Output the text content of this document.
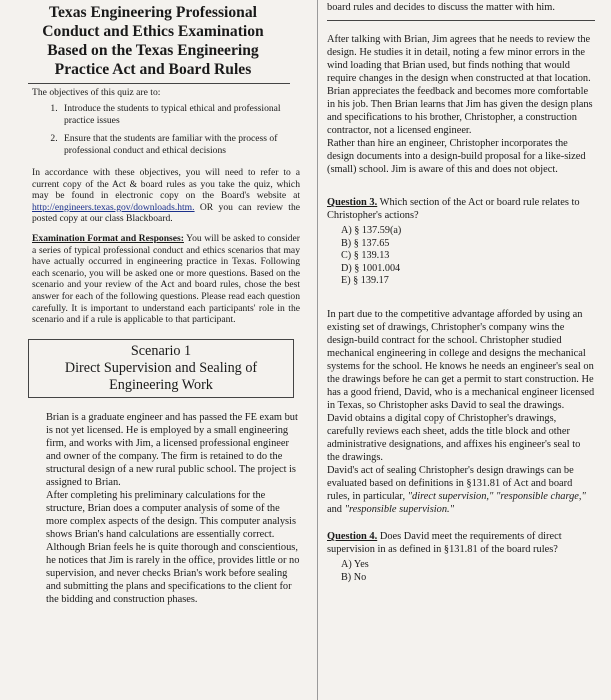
Texas Engineering Professional
Conduct and Ethics Examination
Based on the Texas Engineering
Practice Act and Board Rules
The objectives of this quiz are to:
1. Introduce the students to typical ethical and professional practice issues
2. Ensure that the students are familiar with the process of professional conduct and ethical decisions
In accordance with these objectives, you will need to refer to a current copy of the Act & board rules as you take the quiz, which may be found in electronic copy on the Board's website at http://engineers.texas.gov/downloads.htm. OR you can review the posted copy at our class Blackboard.
Examination Format and Responses: You will be asked to consider a series of typical professional conduct and ethics scenarios that may have actually occurred in engineering practice in Texas. Following each scenario, you will be asked one or more questions. Based on the scenario and your review of the Act and board rules, chose the best answer for each of the following questions. Please read each question carefully. It is important to understand each participants' role in the scenario and if a rule is applicable to that participant.
Scenario 1
Direct Supervision and Sealing of
Engineering Work
Brian is a graduate engineer and has passed the FE exam but is not yet licensed. He is employed by a small engineering firm, and works with Jim, a licensed professional engineer and owner of the company. The firm is retained to do the structural design of a new rural public school. The project is assigned to Brian.
After completing his preliminary calculations for the structure, Brian does a computer analysis of some of the more complex aspects of the design. This computer analysis shows Brian's hand calculations are essentially correct.
Although Brian feels he is quite thorough and conscientious, he notices that Jim is rarely in the office, provides little or no supervision, and never checks Brian's work before sealing and submitting the plans and specifications to the client for the bidding and construction phases.
board rules and decides to discuss the matter with him.
After talking with Brian, Jim agrees that he needs to review the design. He studies it in detail, noting a few minor errors in the wind loading that Brian used, but finds nothing that would require changes in the design when constructed at that location.
Brian appreciates the feedback and becomes more comfortable in his job. Then Brian learns that Jim has given the design plans and specifications to his brother, Christopher, a construction contractor, not a licensed engineer.
Rather than hire an engineer, Christopher incorporates the design documents into a design-build proposal for a like-sized (small) school. Jim is aware of this and does not object.
Question 3. Which section of the Act or board rule relates to Christopher's actions?
A) § 137.59(a)
B) § 137.65
C) § 139.13
D) § 1001.004
E) § 139.17
In part due to the competitive advantage afforded by using an existing set of drawings, Christopher's company wins the design-build contract for the school. Christopher studied mechanical engineering in college and designs the mechanical systems for the school. He knows he needs an engineer's seal on the drawings before he can get a permit to start construction. He has a good friend, David, who is a mechanical engineer licensed in Texas, so Christopher asks David to seal the drawings.
David obtains a digital copy of Christopher's drawings, carefully reviews each sheet, adds the title block and other administrative designations, and affixes his engineer's seal to the drawings.
David's act of sealing Christopher's design drawings can be evaluated based on definitions in §131.81 of Act and board rules, in particular, "direct supervision," "responsible charge," and "responsible supervision."
Question 4. Does David meet the requirements of direct supervision in as defined in §131.81 of the board rules?
A) Yes
B) No
